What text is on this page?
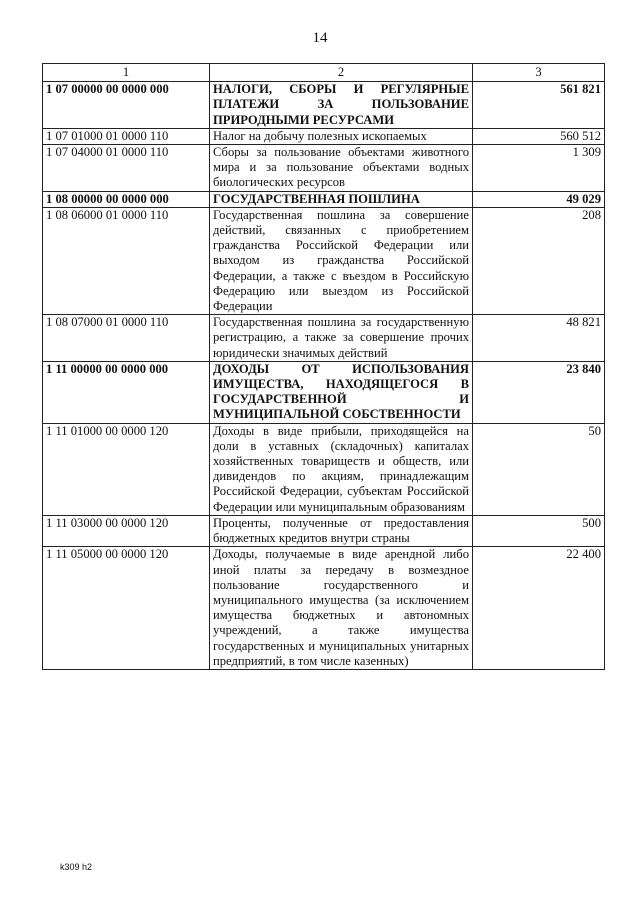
14
1	2	3
1 07 00000 00 0000 000	НАЛОГИ, СБОРЫ И РЕГУЛЯРНЫЕ ПЛАТЕЖИ ЗА ПОЛЬЗОВАНИЕ ПРИРОДНЫМИ РЕСУРСАМИ	561 821
1 07 01000 01 0000 110	Налог на добычу полезных ископаемых	560 512
1 07 04000 01 0000 110	Сборы за пользование объектами животного мира и за пользование объектами водных биологических ресурсов	1 309
1 08 00000 00 0000 000	ГОСУДАРСТВЕННАЯ ПОШЛИНА	49 029
1 08 06000 01 0000 110	Государственная пошлина за совершение действий, связанных с приобретением гражданства Российской Федерации или выходом из гражданства Российской Федерации, а также с въездом в Российскую Федерацию или выездом из Российской Федерации	208
1 08 07000 01 0000 110	Государственная пошлина за государственную регистрацию, а также за совершение прочих юридически значимых действий	48 821
1 11 00000 00 0000 000	ДОХОДЫ ОТ ИСПОЛЬЗОВАНИЯ ИМУЩЕСТВА, НАХОДЯЩЕГОСЯ В ГОСУДАРСТВЕННОЙ И МУНИЦИПАЛЬНОЙ СОБСТВЕННОСТИ	23 840
1 11 01000 00 0000 120	Доходы в виде прибыли, приходящейся на доли в уставных (складочных) капиталах хозяйственных товариществ и обществ, или дивидендов по акциям, принадлежащим Российской Федерации, субъектам Российской Федерации или муниципальным образованиям	50
1 11 03000 00 0000 120	Проценты, полученные от предоставления бюджетных кредитов внутри страны	500
1 11 05000 00 0000 120	Доходы, получаемые в виде арендной либо иной платы за передачу в возмездное пользование государственного и муниципального имущества (за исключением имущества бюджетных и автономных учреждений, а также имущества государственных и муниципальных унитарных предприятий, в том числе казенных)	22 400
k309 h2
